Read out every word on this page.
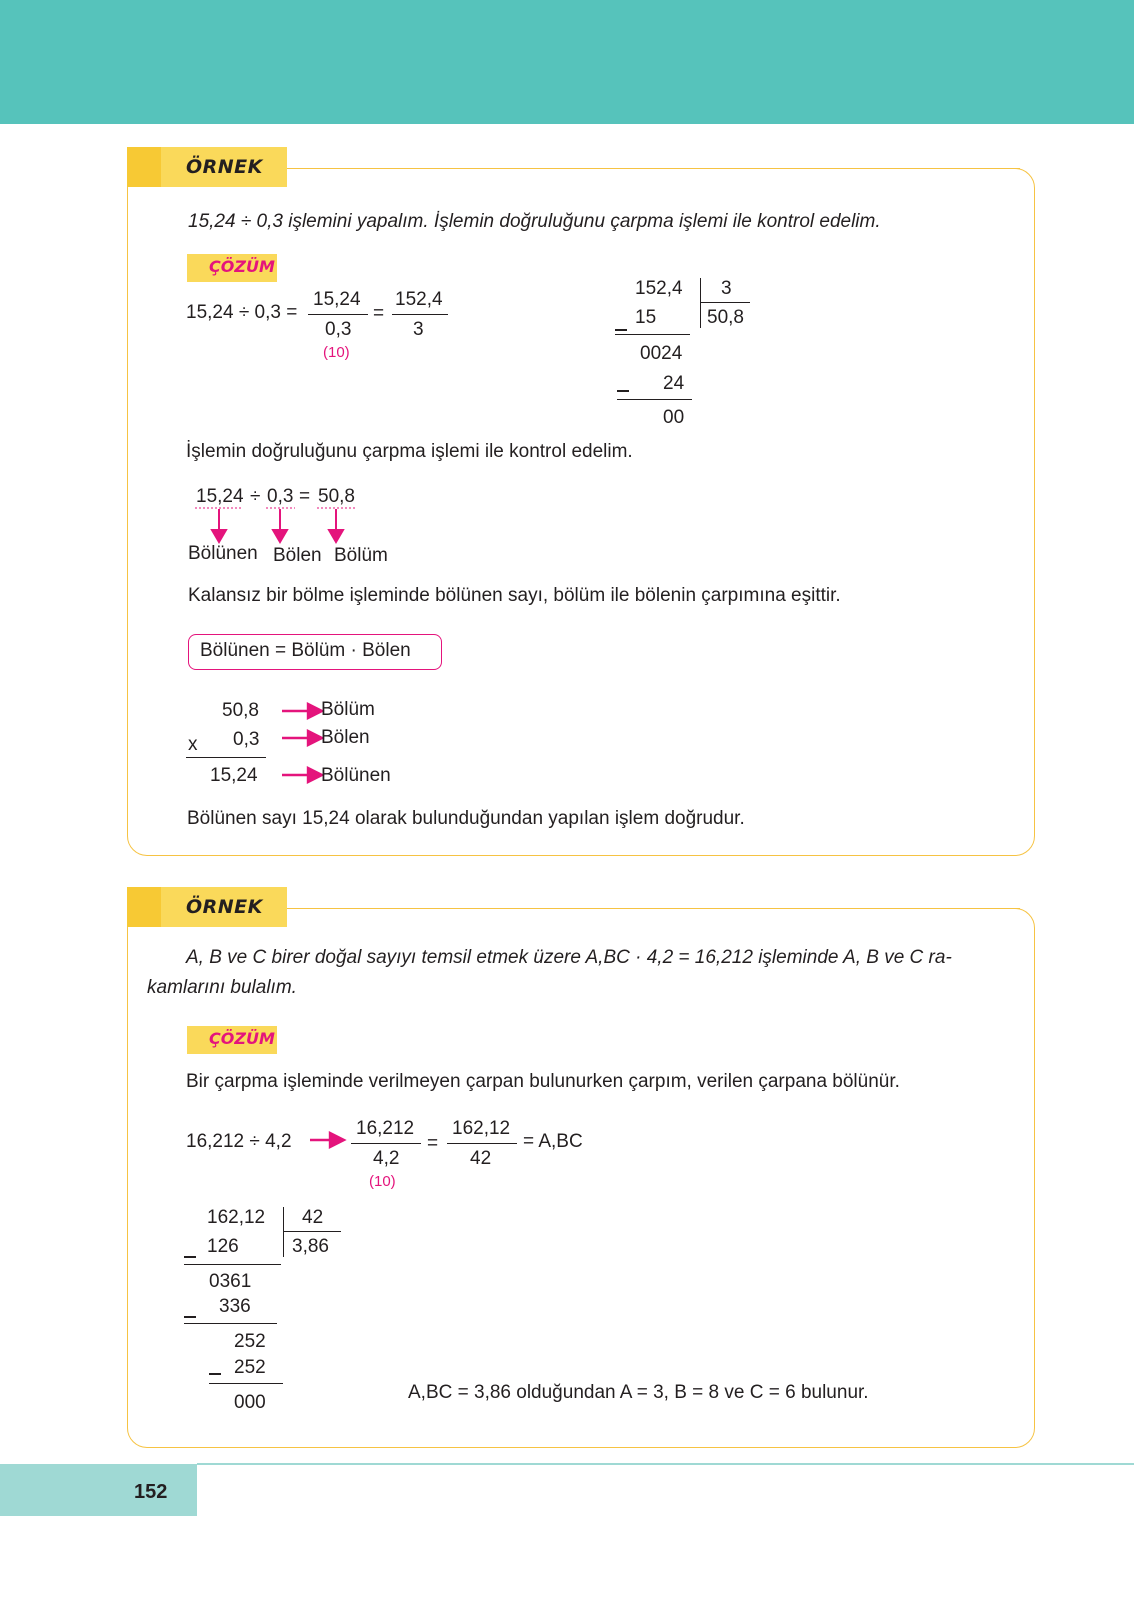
ÖRNEK
15,24 ÷ 0,3 işlemini yapalım. İşlemin doğruluğunu çarpma işlemi ile kontrol edelim.
ÇÖZÜM
15,24 ÷ 0,3 =
15,24
0,3
(10)
=
152,4
3
152,4 3
50,8
15
0024
24
00
İşlemin doğruluğunu çarpma işlemi ile kontrol edelim.
15,24 ÷ 0,3 = 50,8
Bölünen Bölen Bölüm
Kalansız bir bölme işleminde bölünen sayı, bölüm ile bölenin çarpımına eşittir.
Bölünen = Bölüm · Bölen
50,8
x 0,3
15,24
Bölüm
Bölen
Bölünen
Bölünen sayı 15,24 olarak bulunduğundan yapılan işlem doğrudur.
ÖRNEK
A, B ve C birer doğal sayıyı temsil etmek üzere A,BC · 4,2 = 16,212 işleminde A, B ve C ra-
kamlarını bulalım.
ÇÖZÜM
Bir çarpma işleminde verilmeyen çarpan bulunurken çarpım, verilen çarpana bölünür.
16,212 ÷ 4,2
16,212
4,2
(10)
=
162,12
42
= A,BC
162,12 42
3,86
126
0361
336
252
252
000	A,BC = 3,86 olduğundan A = 3, B = 8 ve C = 6 bulunur.
152
